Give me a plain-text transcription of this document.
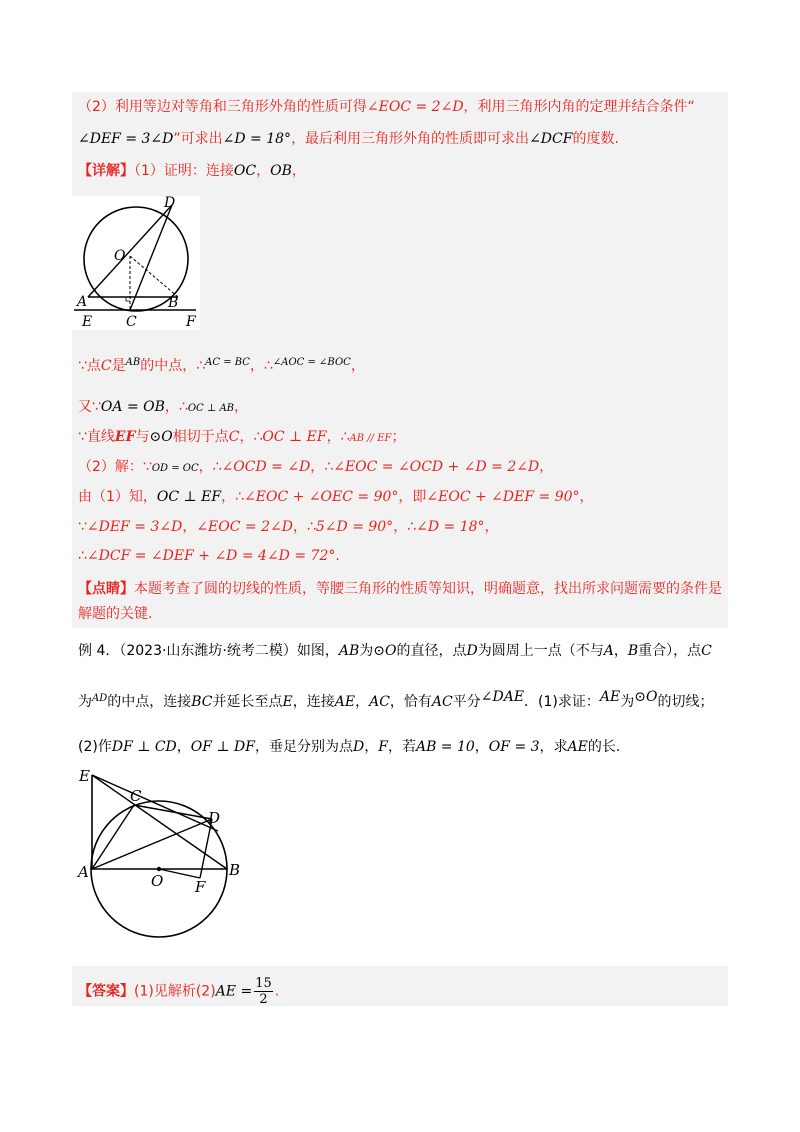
（2）利用等边对等角和三角形外角的性质可得∠EOC = 2∠D，利用三角形内角的定理并结合条件“
∠DEF = 3∠D”可求出∠D = 18°，最后利用三角形外角的性质即可求出∠DCF的度数.
【详解】（1）证明：连接OC，OB，
D
O
A	B
E C	F
∵点C是$^{AB}$的中点，∴$^{AC = BC}$，∴$^{\angle AOC = \angle BOC}$，
又∵OA = OB，∴OC ⊥ AB，
∵直线EF与⊙O相切于点C，∴OC ⊥ EF，∴AB // EF；
（2）解：∵OD = OC，∴∠OCD = ∠D，∴∠EOC = ∠OCD + ∠D = 2∠D，
由（1）知，OC ⊥ EF，∴∠EOC + ∠OEC = 90°，即∠EOC + ∠DEF = 90°，
∵∠DEF = 3∠D，∠EOC = 2∠D，∴5∠D = 90°，∴∠D = 18°，
∴∠DCF = ∠DEF + ∠D = 4∠D = 72°.
【点睛】本题考查了圆的切线的性质，等腰三角形的性质等知识，明确题意，找出所求问题需要的条件是
解题的关键.
例 4．（2023·山东潍坊·统考二模）如图，AB为⊙O的直径，点D为圆周上一点（不与A，B重合），点C
为$^{AD}$的中点，连接BC并延长至点E，连接AE，AC，恰有AC平分∠DAE．(1)求证：AE为⊙O的切线；
(2)作DF ⊥ CD，OF ⊥ DF，垂足分别为点D，F，若AB = 10，OF = 3，求AE的长.
E
C
D
A	O F
B
【答案】(1)见解析$(2)AE = \frac{15}{2}$ .
